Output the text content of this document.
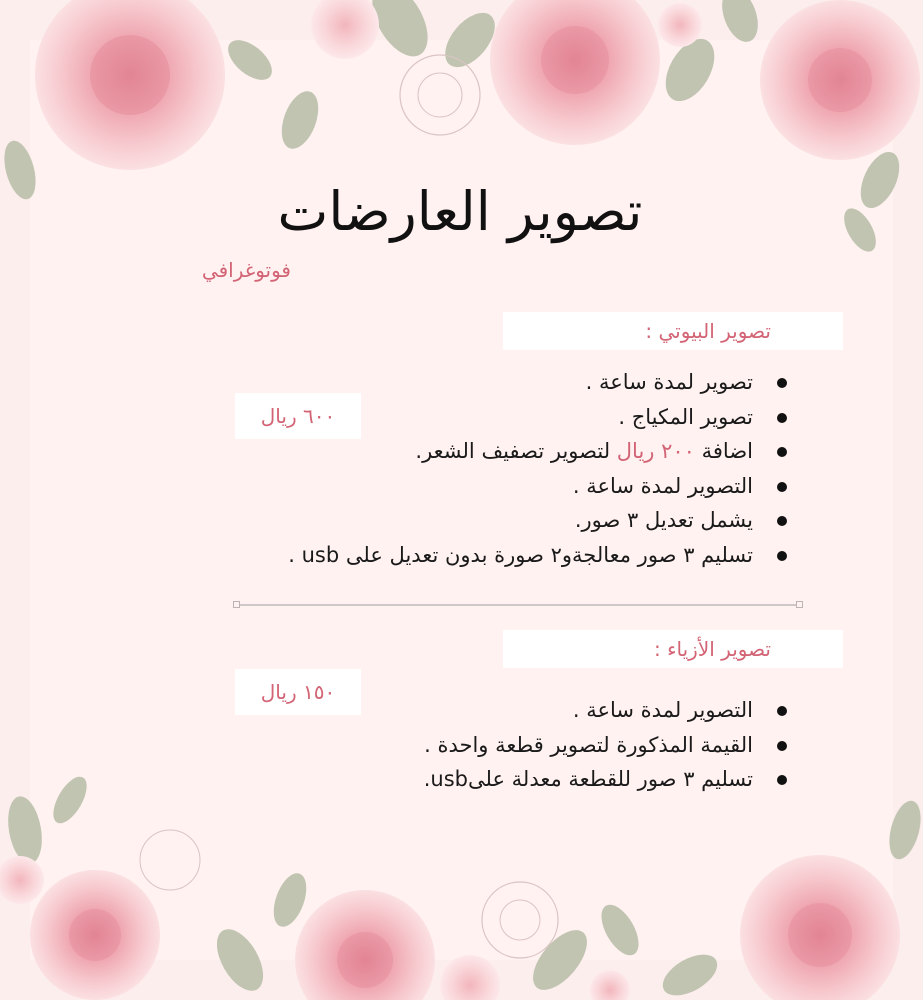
تصوير العارضات
فوتوغرافي
تصوير البيوتي :
٦٠٠ ريال
تصوير لمدة ساعة .
تصوير المكياج .
اضافة ٢٠٠ ريال لتصوير تصفيف الشعر.
التصوير لمدة ساعة .
يشمل تعديل ٣ صور.
تسليم ٣ صور معالجةو٢ صورة بدون تعديل على usb .
تصوير الأزياء :
١٥٠ ريال
التصوير لمدة ساعة .
القيمة المذكورة لتصوير قطعة واحدة .
تسليم ٣ صور للقطعة معدلة علىusb.
